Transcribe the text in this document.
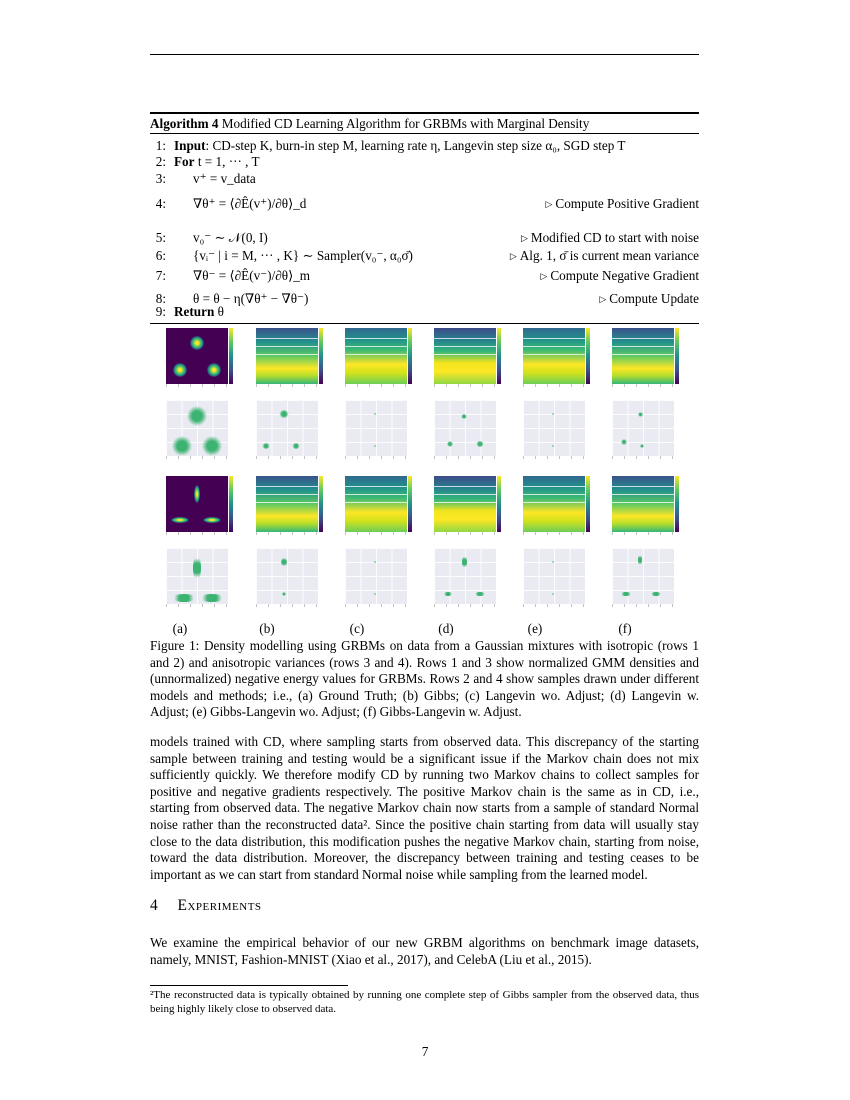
Algorithm 4 Modified CD Learning Algorithm for GRBMs with Marginal Density
1: Input: CD-step K, burn-in step M, learning rate η, Langevin step size α₀, SGD step T
2: For t = 1, ··· , T
3: v⁺ = v_data
4: ∇θ⁺ = ⟨∂Ê(v⁺)/∂θ⟩_d	▷ Compute Positive Gradient
5: v₀⁻ ∼ 𝒩(0, I)	▷ Modified CD to start with noise
6: {vᵢ⁻ | i = M, ··· , K} ∼ Sampler(v₀⁻, α₀σ̄)	▷ Alg. 1, σ̄ is current mean variance
7: ∇θ⁻ = ⟨∂Ê(v⁻)/∂θ⟩_m	▷ Compute Negative Gradient
8: θ = θ − η(∇θ⁺ − ∇θ⁻)	▷ Compute Update
9: Return θ
(a)	(b)	(c)	(d)	(e)	(f)
Figure 1: Density modelling using GRBMs on data from a Gaussian mixtures with isotropic (rows 1 and 2) and anisotropic variances (rows 3 and 4). Rows 1 and 3 show normalized GMM densities and (unnormalized) negative energy values for GRBMs. Rows 2 and 4 show samples drawn under different models and methods; i.e., (a) Ground Truth; (b) Gibbs; (c) Langevin wo. Adjust; (d) Langevin w. Adjust; (e) Gibbs-Langevin wo. Adjust; (f) Gibbs-Langevin w. Adjust.
models trained with CD, where sampling starts from observed data. This discrepancy of the starting sample between training and testing would be a significant issue if the Markov chain does not mix sufficiently quickly. We therefore modify CD by running two Markov chains to collect samples for positive and negative gradients respectively. The positive Markov chain is the same as in CD, i.e., starting from observed data. The negative Markov chain now starts from a sample of standard Normal noise rather than the reconstructed data². Since the positive chain starting from data will usually stay close to the data distribution, this modification pushes the negative Markov chain, starting from noise, toward the data distribution. Moreover, the discrepancy between training and testing ceases to be important as we can start from standard Normal noise while sampling from the learned model.
4 Experiments
We examine the empirical behavior of our new GRBM algorithms on benchmark image datasets, namely, MNIST, Fashion-MNIST (Xiao et al., 2017), and CelebA (Liu et al., 2015).
²The reconstructed data is typically obtained by running one complete step of Gibbs sampler from the observed data, thus being highly likely close to observed data.
7
